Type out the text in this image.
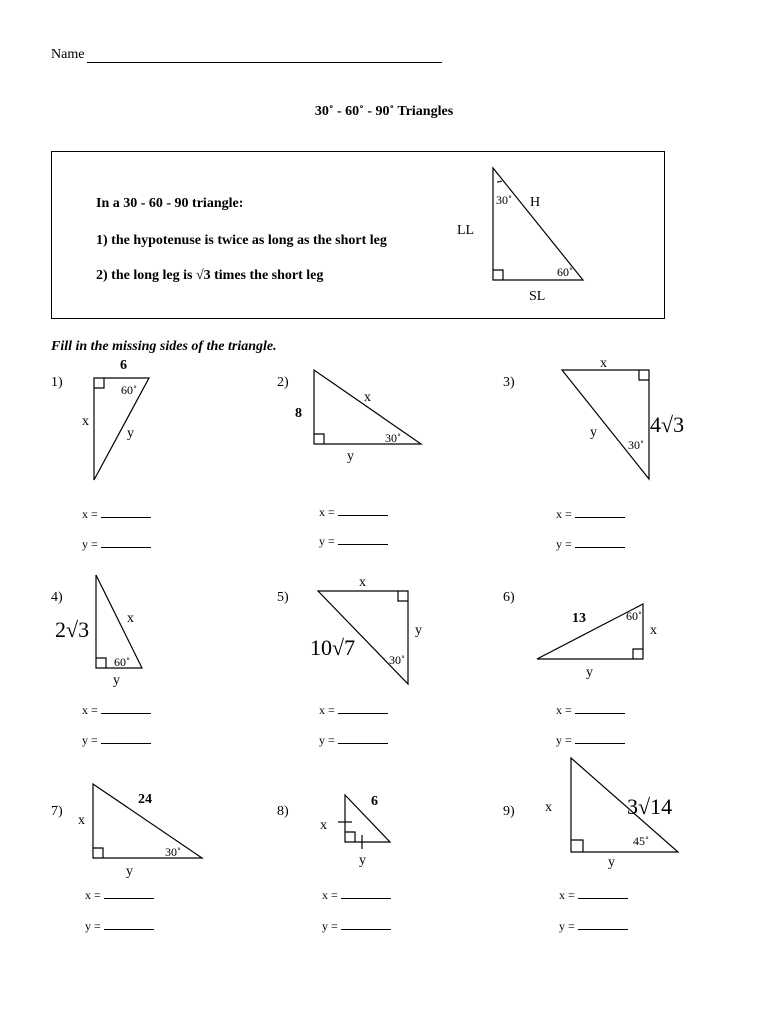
Name
30˚ - 60˚ - 90˚ Triangles
In a 30 - 60 - 90 triangle:
1) the hypotenuse is twice as long as the short leg
2) the long leg is √3 times the short leg
Fill in the missing sides of the triangle.
30˚ H
LL
60˚
SL
6
60˚
x
y
8
x
30˚
y
x
y
30˚
4√3
2√3	x
60˚
y
x
y
10√7	30˚
13	60˚
x
y
24
x
30˚
y
6
x
y
x	3√14
45˚
y
1)	2)	3)
4)	5)	6)
7)	8)	9)
x =
y =
x =
y =
x =
y =
x =
y =
x =
y =
x =
y =
x =
y =
x =
y =
x =
y =
